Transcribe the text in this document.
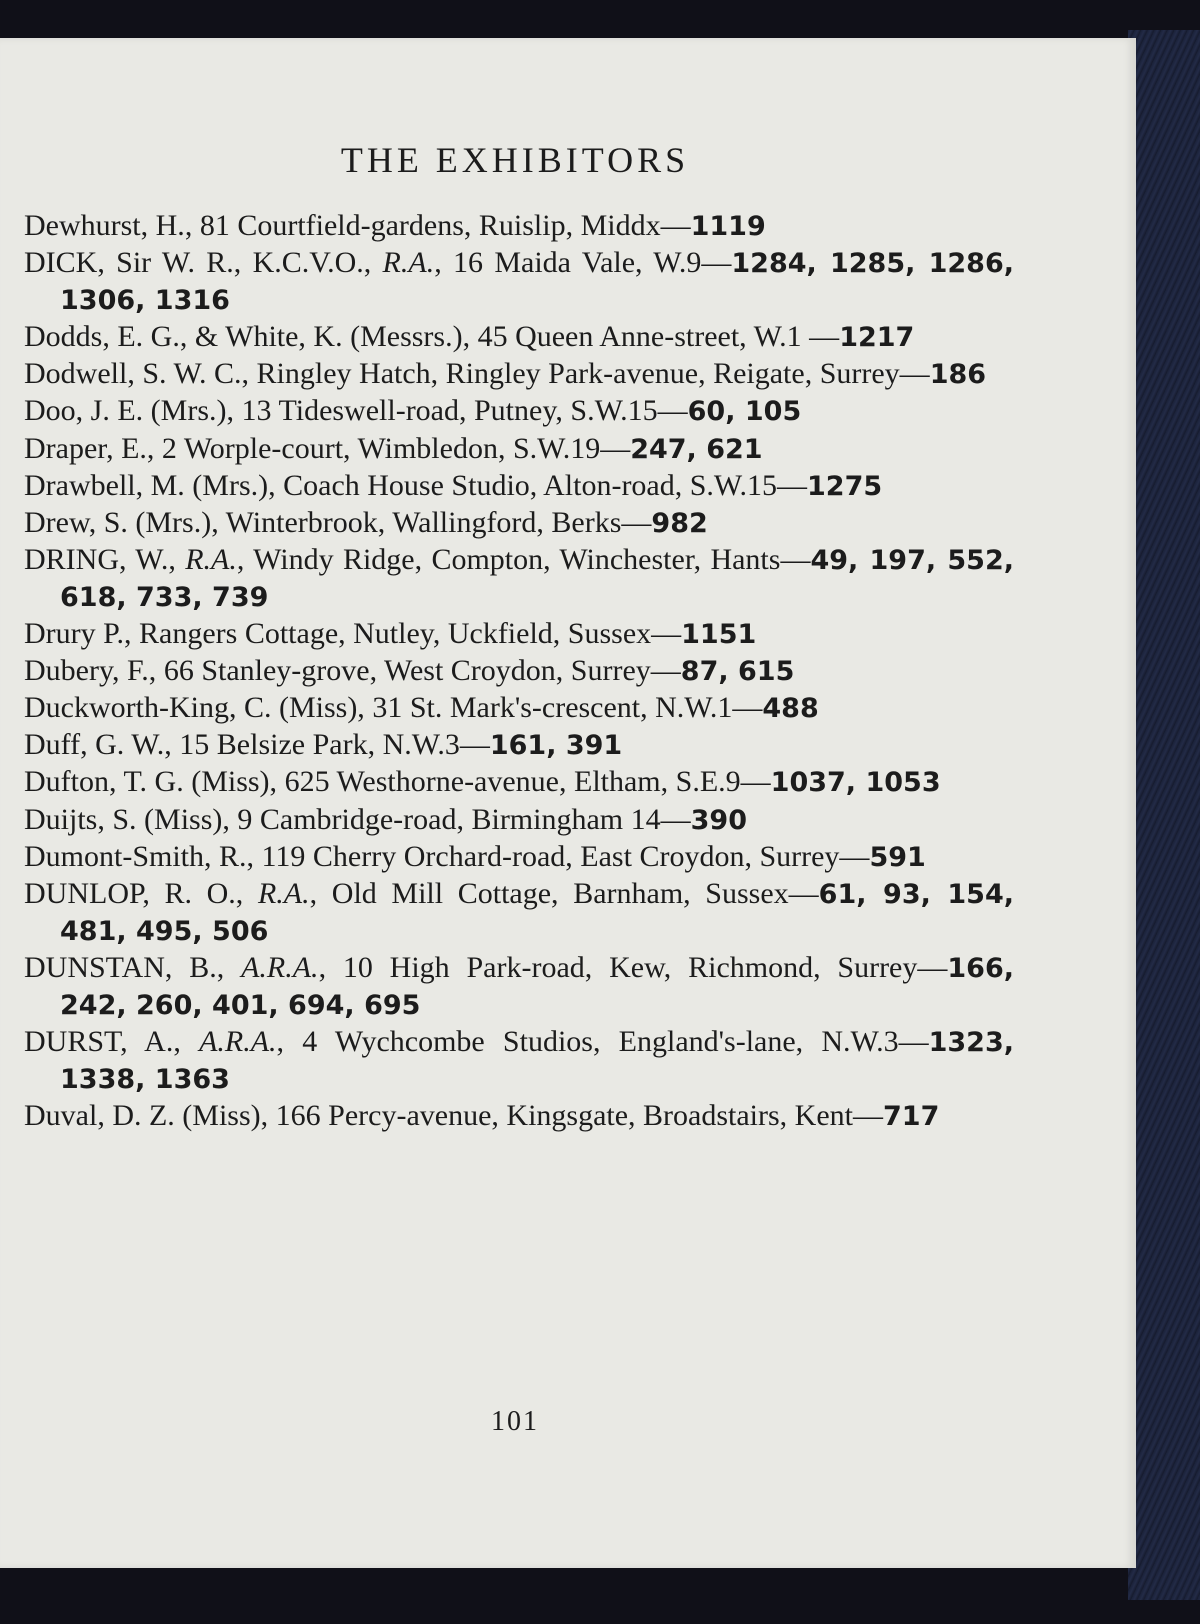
THE EXHIBITORS
Dewhurst, H., 81 Courtfield-gardens, Ruislip, Middx—1119
DICK, Sir W. R., K.C.V.O., R.A., 16 Maida Vale, W.9—1284, 1285, 1286, 1306, 1316
Dodds, E. G., & White, K. (Messrs.), 45 Queen Anne-street, W.1 —1217
Dodwell, S. W. C., Ringley Hatch, Ringley Park-avenue, Reigate, Surrey—186
Doo, J. E. (Mrs.), 13 Tideswell-road, Putney, S.W.15—60, 105
Draper, E., 2 Worple-court, Wimbledon, S.W.19—247, 621
Drawbell, M. (Mrs.), Coach House Studio, Alton-road, S.W.15—1275
Drew, S. (Mrs.), Winterbrook, Wallingford, Berks—982
DRING, W., R.A., Windy Ridge, Compton, Winchester, Hants—49, 197, 552, 618, 733, 739
Drury P., Rangers Cottage, Nutley, Uckfield, Sussex—1151
Dubery, F., 66 Stanley-grove, West Croydon, Surrey—87, 615
Duckworth-King, C. (Miss), 31 St. Mark's-crescent, N.W.1—488
Duff, G. W., 15 Belsize Park, N.W.3—161, 391
Dufton, T. G. (Miss), 625 Westhorne-avenue, Eltham, S.E.9—1037, 1053
Duijts, S. (Miss), 9 Cambridge-road, Birmingham 14—390
Dumont-Smith, R., 119 Cherry Orchard-road, East Croydon, Surrey—591
DUNLOP, R. O., R.A., Old Mill Cottage, Barnham, Sussex—61, 93, 154, 481, 495, 506
DUNSTAN, B., A.R.A., 10 High Park-road, Kew, Richmond, Surrey—166, 242, 260, 401, 694, 695
DURST, A., A.R.A., 4 Wychcombe Studios, England's-lane, N.W.3—1323, 1338, 1363
Duval, D. Z. (Miss), 166 Percy-avenue, Kingsgate, Broadstairs, Kent—717
101
